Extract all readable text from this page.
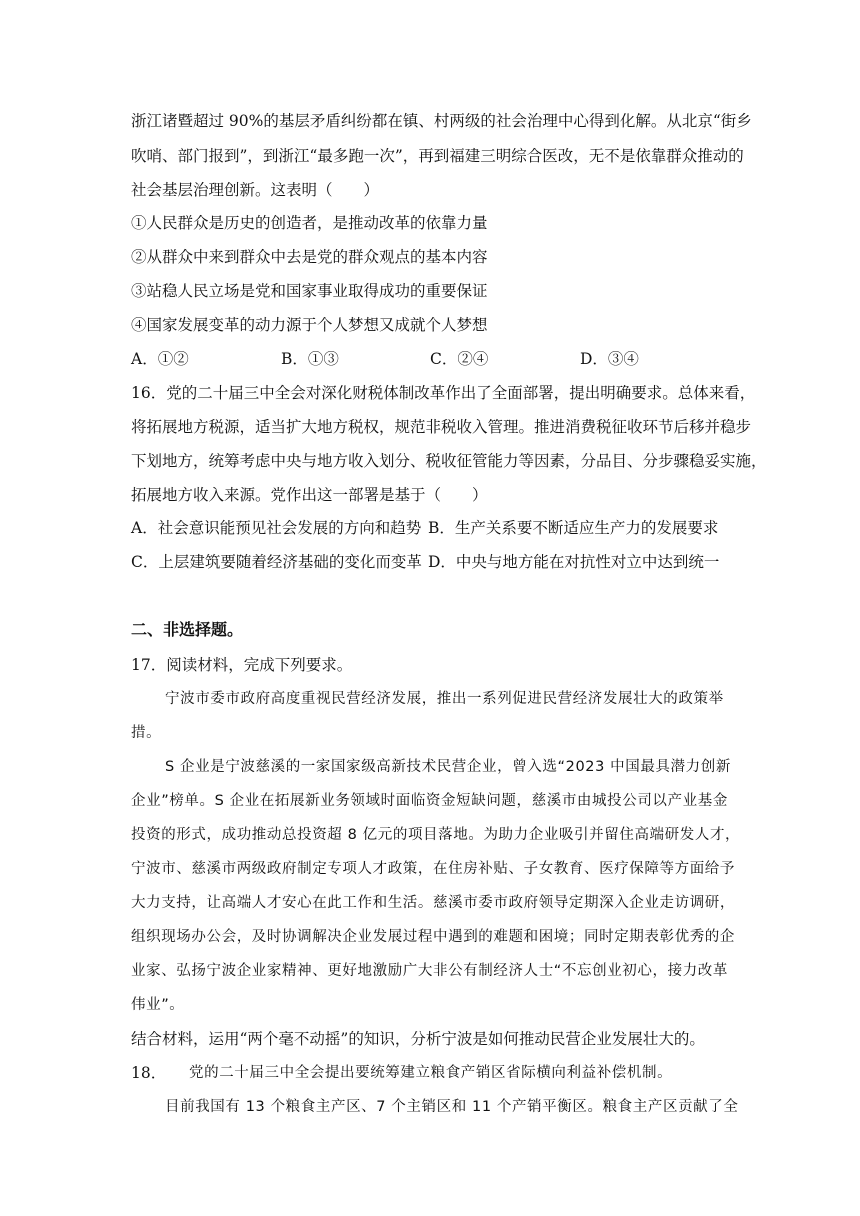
浙江诸暨超过 90%的基层矛盾纠纷都在镇、村两级的社会治理中心得到化解。从北京“街乡
吹哨、部门报到”，到浙江“最多跑一次”，再到福建三明综合医改，无不是依靠群众推动的
社会基层治理创新。这表明（　　）
①人民群众是历史的创造者，是推动改革的依靠力量
②从群众中来到群众中去是党的群众观点的基本内容
③站稳人民立场是党和国家事业取得成功的重要保证
④国家发展变革的动力源于个人梦想又成就个人梦想
A．①②	B．①③	C．②④	D．③④
16．党的二十届三中全会对深化财税体制改革作出了全面部署，提出明确要求。总体来看，
将拓展地方税源，适当扩大地方税权，规范非税收入管理。推进消费税征收环节后移并稳步
下划地方，统筹考虑中央与地方收入划分、税收征管能力等因素，分品目、分步骤稳妥实施，
拓展地方收入来源。党作出这一部署是基于（　　）
A．社会意识能预见社会发展的方向和趋势 B．生产关系要不断适应生产力的发展要求
C．上层建筑要随着经济基础的变化而变革 D．中央与地方能在对抗性对立中达到统一
二、非选择题。
17．阅读材料，完成下列要求。
宁波市委市政府高度重视民营经济发展，推出一系列促进民营经济发展壮大的政策举
措。
S 企业是宁波慈溪的一家国家级高新技术民营企业，曾入选“2023 中国最具潜力创新
企业”榜单。S 企业在拓展新业务领域时面临资金短缺问题，慈溪市由城投公司以产业基金
投资的形式，成功推动总投资超 8 亿元的项目落地。为助力企业吸引并留住高端研发人才，
宁波市、慈溪市两级政府制定专项人才政策，在住房补贴、子女教育、医疗保障等方面给予
大力支持，让高端人才安心在此工作和生活。慈溪市委市政府领导定期深入企业走访调研，
组织现场办公会，及时协调解决企业发展过程中遇到的难题和困境；同时定期表彰优秀的企
业家、弘扬宁波企业家精神、更好地激励广大非公有制经济人士“不忘创业初心，接力改革
伟业”。
结合材料，运用“两个毫不动摇”的知识，分析宁波是如何推动民营企业发展壮大的。
18． 党的二十届三中全会提出要统筹建立粮食产销区省际横向利益补偿机制。
目前我国有 13 个粮食主产区、7 个主销区和 11 个产销平衡区。粮食主产区贡献了全
